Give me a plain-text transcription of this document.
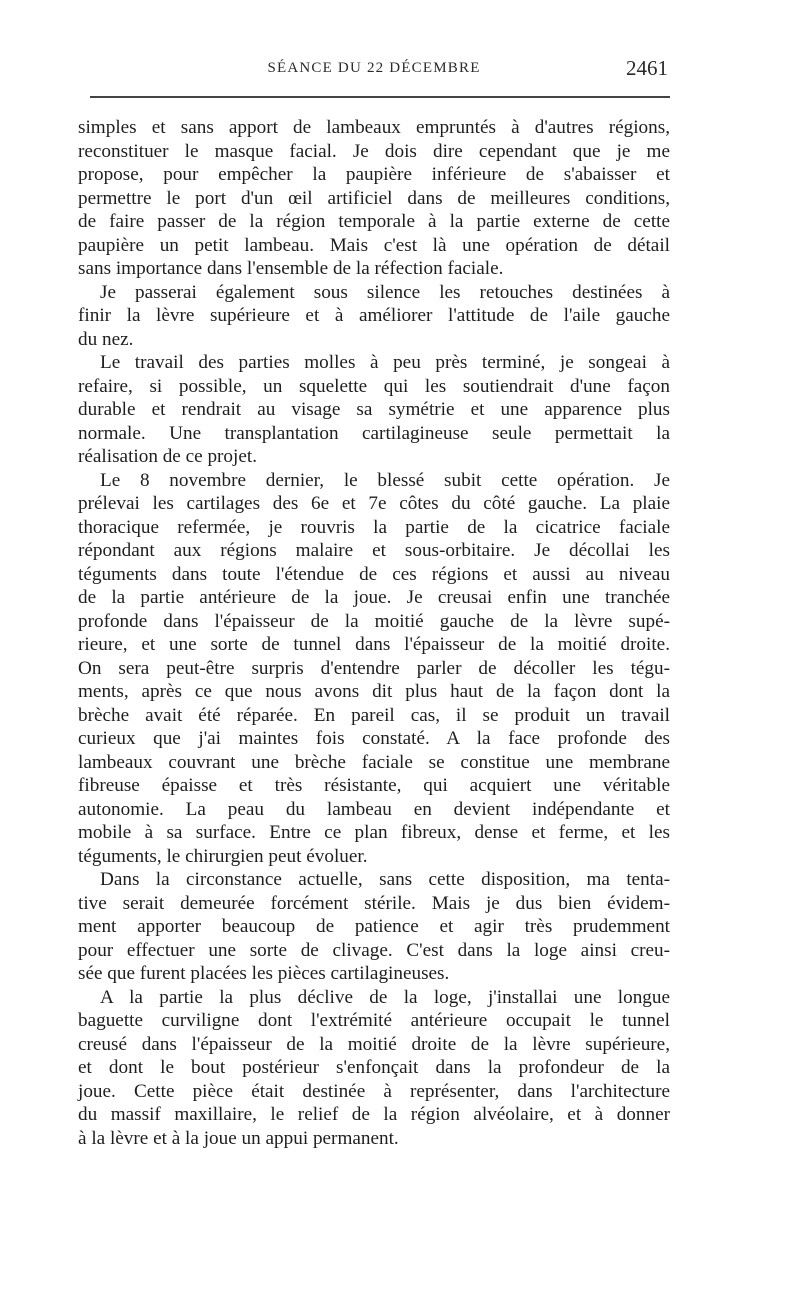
SÉANCE DU 22 DÉCEMBRE	2461
simples et sans apport de lambeaux empruntés à d'autres régions,
reconstituer le masque facial. Je dois dire cependant que je me
propose, pour empêcher la paupière inférieure de s'abaisser et
permettre le port d'un œil artificiel dans de meilleures conditions,
de faire passer de la région temporale à la partie externe de cette
paupière un petit lambeau. Mais c'est là une opération de détail
sans importance dans l'ensemble de la réfection faciale.
Je passerai également sous silence les retouches destinées à
finir la lèvre supérieure et à améliorer l'attitude de l'aile gauche
du nez.
Le travail des parties molles à peu près terminé, je songeai à
refaire, si possible, un squelette qui les soutiendrait d'une façon
durable et rendrait au visage sa symétrie et une apparence plus
normale. Une transplantation cartilagineuse seule permettait la
réalisation de ce projet.
Le 8 novembre dernier, le blessé subit cette opération. Je
prélevai les cartilages des 6e et 7e côtes du côté gauche. La plaie
thoracique refermée, je rouvris la partie de la cicatrice faciale
répondant aux régions malaire et sous-orbitaire. Je décollai les
téguments dans toute l'étendue de ces régions et aussi au niveau
de la partie antérieure de la joue. Je creusai enfin une tranchée
profonde dans l'épaisseur de la moitié gauche de la lèvre supé-
rieure, et une sorte de tunnel dans l'épaisseur de la moitié droite.
On sera peut-être surpris d'entendre parler de décoller les tégu-
ments, après ce que nous avons dit plus haut de la façon dont la
brèche avait été réparée. En pareil cas, il se produit un travail
curieux que j'ai maintes fois constaté. A la face profonde des
lambeaux couvrant une brèche faciale se constitue une membrane
fibreuse épaisse et très résistante, qui acquiert une véritable
autonomie. La peau du lambeau en devient indépendante et
mobile à sa surface. Entre ce plan fibreux, dense et ferme, et les
téguments, le chirurgien peut évoluer.
Dans la circonstance actuelle, sans cette disposition, ma tenta-
tive serait demeurée forcément stérile. Mais je dus bien évidem-
ment apporter beaucoup de patience et agir très prudemment
pour effectuer une sorte de clivage. C'est dans la loge ainsi creu-
sée que furent placées les pièces cartilagineuses.
A la partie la plus déclive de la loge, j'installai une longue
baguette curviligne dont l'extrémité antérieure occupait le tunnel
creusé dans l'épaisseur de la moitié droite de la lèvre supérieure,
et dont le bout postérieur s'enfonçait dans la profondeur de la
joue. Cette pièce était destinée à représenter, dans l'architecture
du massif maxillaire, le relief de la région alvéolaire, et à donner
à la lèvre et à la joue un appui permanent.
